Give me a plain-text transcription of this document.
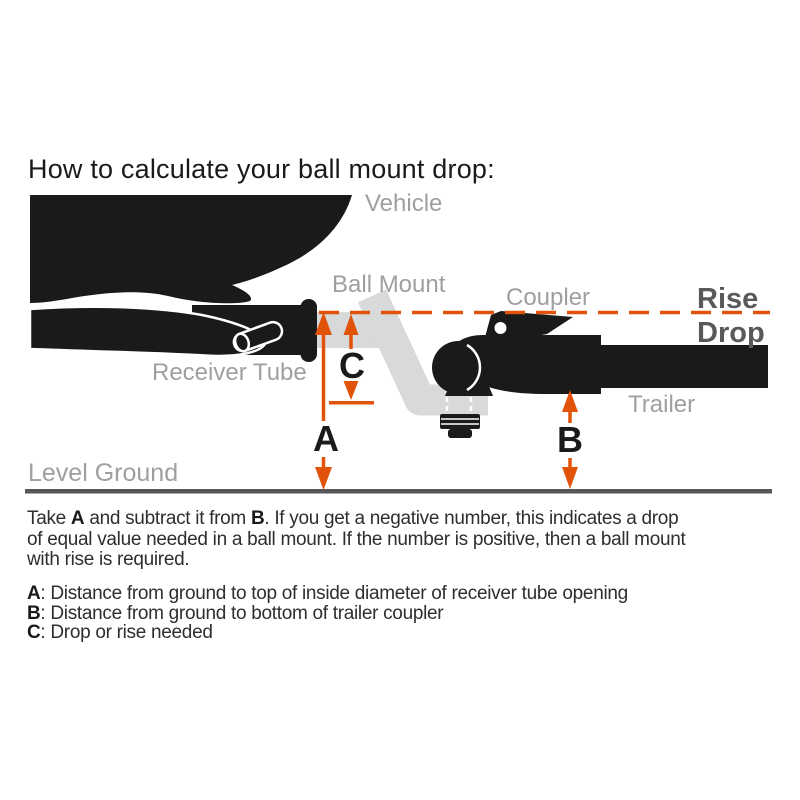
How to calculate your ball mount drop:
A
C
B
Vehicle
Ball Mount	Coupler
Receiver Tube
Trailer
Level Ground
Rise
Drop
Take A and subtract it from B. If you get a negative number, this indicates a drop
of equal value needed in a ball mount. If the number is positive, then a ball mount
with rise is required.
A: Distance from ground to top of inside diameter of receiver tube opening
B: Distance from ground to bottom of trailer coupler
C: Drop or rise needed
